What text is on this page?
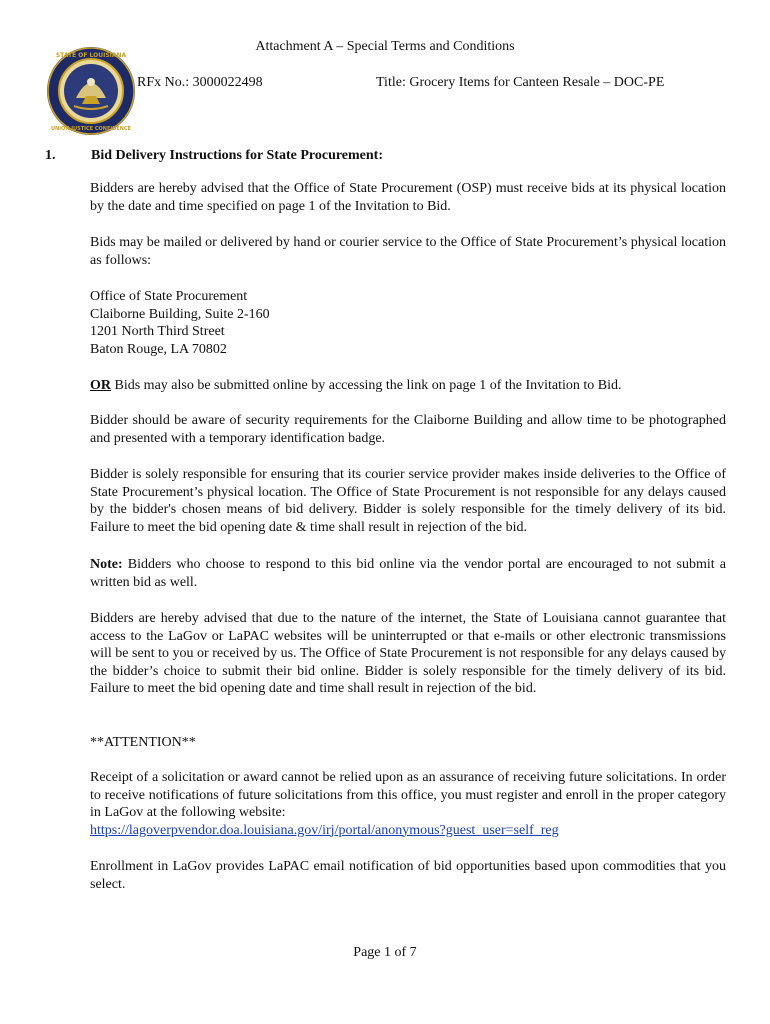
STATE OF LOUISIANA
UNION JUSTICE CONFIDENCE
Attachment A – Special Terms and Conditions
RFx No.: 3000022498	Title: Grocery Items for Canteen Resale – DOC-PE
1.	Bid Delivery Instructions for State Procurement:

Bidders are hereby advised that the Office of State Procurement (OSP) must receive bids at its physical location by the date and time specified on page 1 of the Invitation to Bid.

Bids may be mailed or delivered by hand or courier service to the Office of State Procurement’s physical location as follows:

Office of State Procurement
Claiborne Building, Suite 2-160
1201 North Third Street
Baton Rouge, LA 70802

OR Bids may also be submitted online by accessing the link on page 1 of the Invitation to Bid.

Bidder should be aware of security requirements for the Claiborne Building and allow time to be photographed and presented with a temporary identification badge.

Bidder is solely responsible for ensuring that its courier service provider makes inside deliveries to the Office of State Procurement’s physical location. The Office of State Procurement is not responsible for any delays caused by the bidder's chosen means of bid delivery. Bidder is solely responsible for the timely delivery of its bid. Failure to meet the bid opening date & time shall result in rejection of the bid.

Note: Bidders who choose to respond to this bid online via the vendor portal are encouraged to not submit a written bid as well.

Bidders are hereby advised that due to the nature of the internet, the State of Louisiana cannot guarantee that access to the LaGov or LaPAC websites will be uninterrupted or that e-mails or other electronic transmissions will be sent to you or received by us. The Office of State Procurement is not responsible for any delays caused by the bidder’s choice to submit their bid online. Bidder is solely responsible for the timely delivery of its bid. Failure to meet the bid opening date and time shall result in rejection of the bid.

**ATTENTION**

Receipt of a solicitation or award cannot be relied upon as an assurance of receiving future solicitations. In order to receive notifications of future solicitations from this office, you must register and enroll in the proper category in LaGov at the following website:
https://lagoverpvendor.doa.louisiana.gov/irj/portal/anonymous?guest_user=self_reg

Enrollment in LaGov provides LaPAC email notification of bid opportunities based upon commodities that you select.

Page 1 of 7
